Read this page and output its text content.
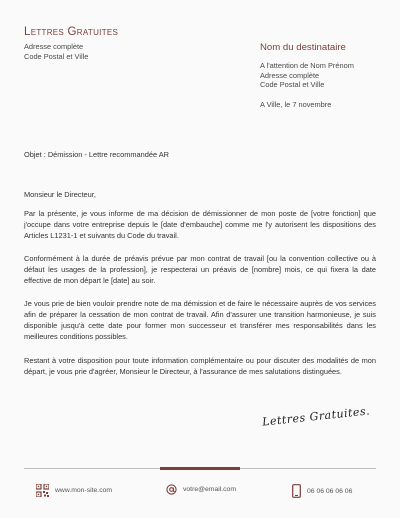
Lettres Gratuites
Adresse complète
Code Postal et Ville
Nom du destinataire
A l'attention de Nom Prénom
Adresse complète
Code Postal et Ville
A Ville, le 7 novembre
Objet : Démission - Lettre recommandée AR
Monsieur le Directeur,

Par la présente, je vous informe de ma décision de démissionner de mon poste de [votre fonction] que j'occupe dans votre entreprise depuis le [date d'embauche] comme me l'y autorisent les dispositions des Articles L1231-1 et suivants du Code du travail.

Conformément à la durée de préavis prévue par mon contrat de travail [ou la convention collective ou à défaut les usages de la profession], je respecterai un préavis de [nombre] mois, ce qui fixera la date effective de mon départ le [date] au soir.

Je vous prie de bien vouloir prendre note de ma démission et de faire le nécessaire auprès de vos services afin de préparer la cessation de mon contrat de travail. Afin d'assurer une transition harmonieuse, je suis disponible jusqu'à cette date pour former mon successeur et transférer mes responsabilités dans les meilleures conditions possibles.

Restant à votre disposition pour toute information complémentaire ou pour discuter des modalités de mon départ, je vous prie d'agréer, Monsieur le Directeur, à l'assurance de mes salutations distinguées.

Lettres Gratuites.
www.mon-site.com	votre@email.com	06 06 06 06 06
